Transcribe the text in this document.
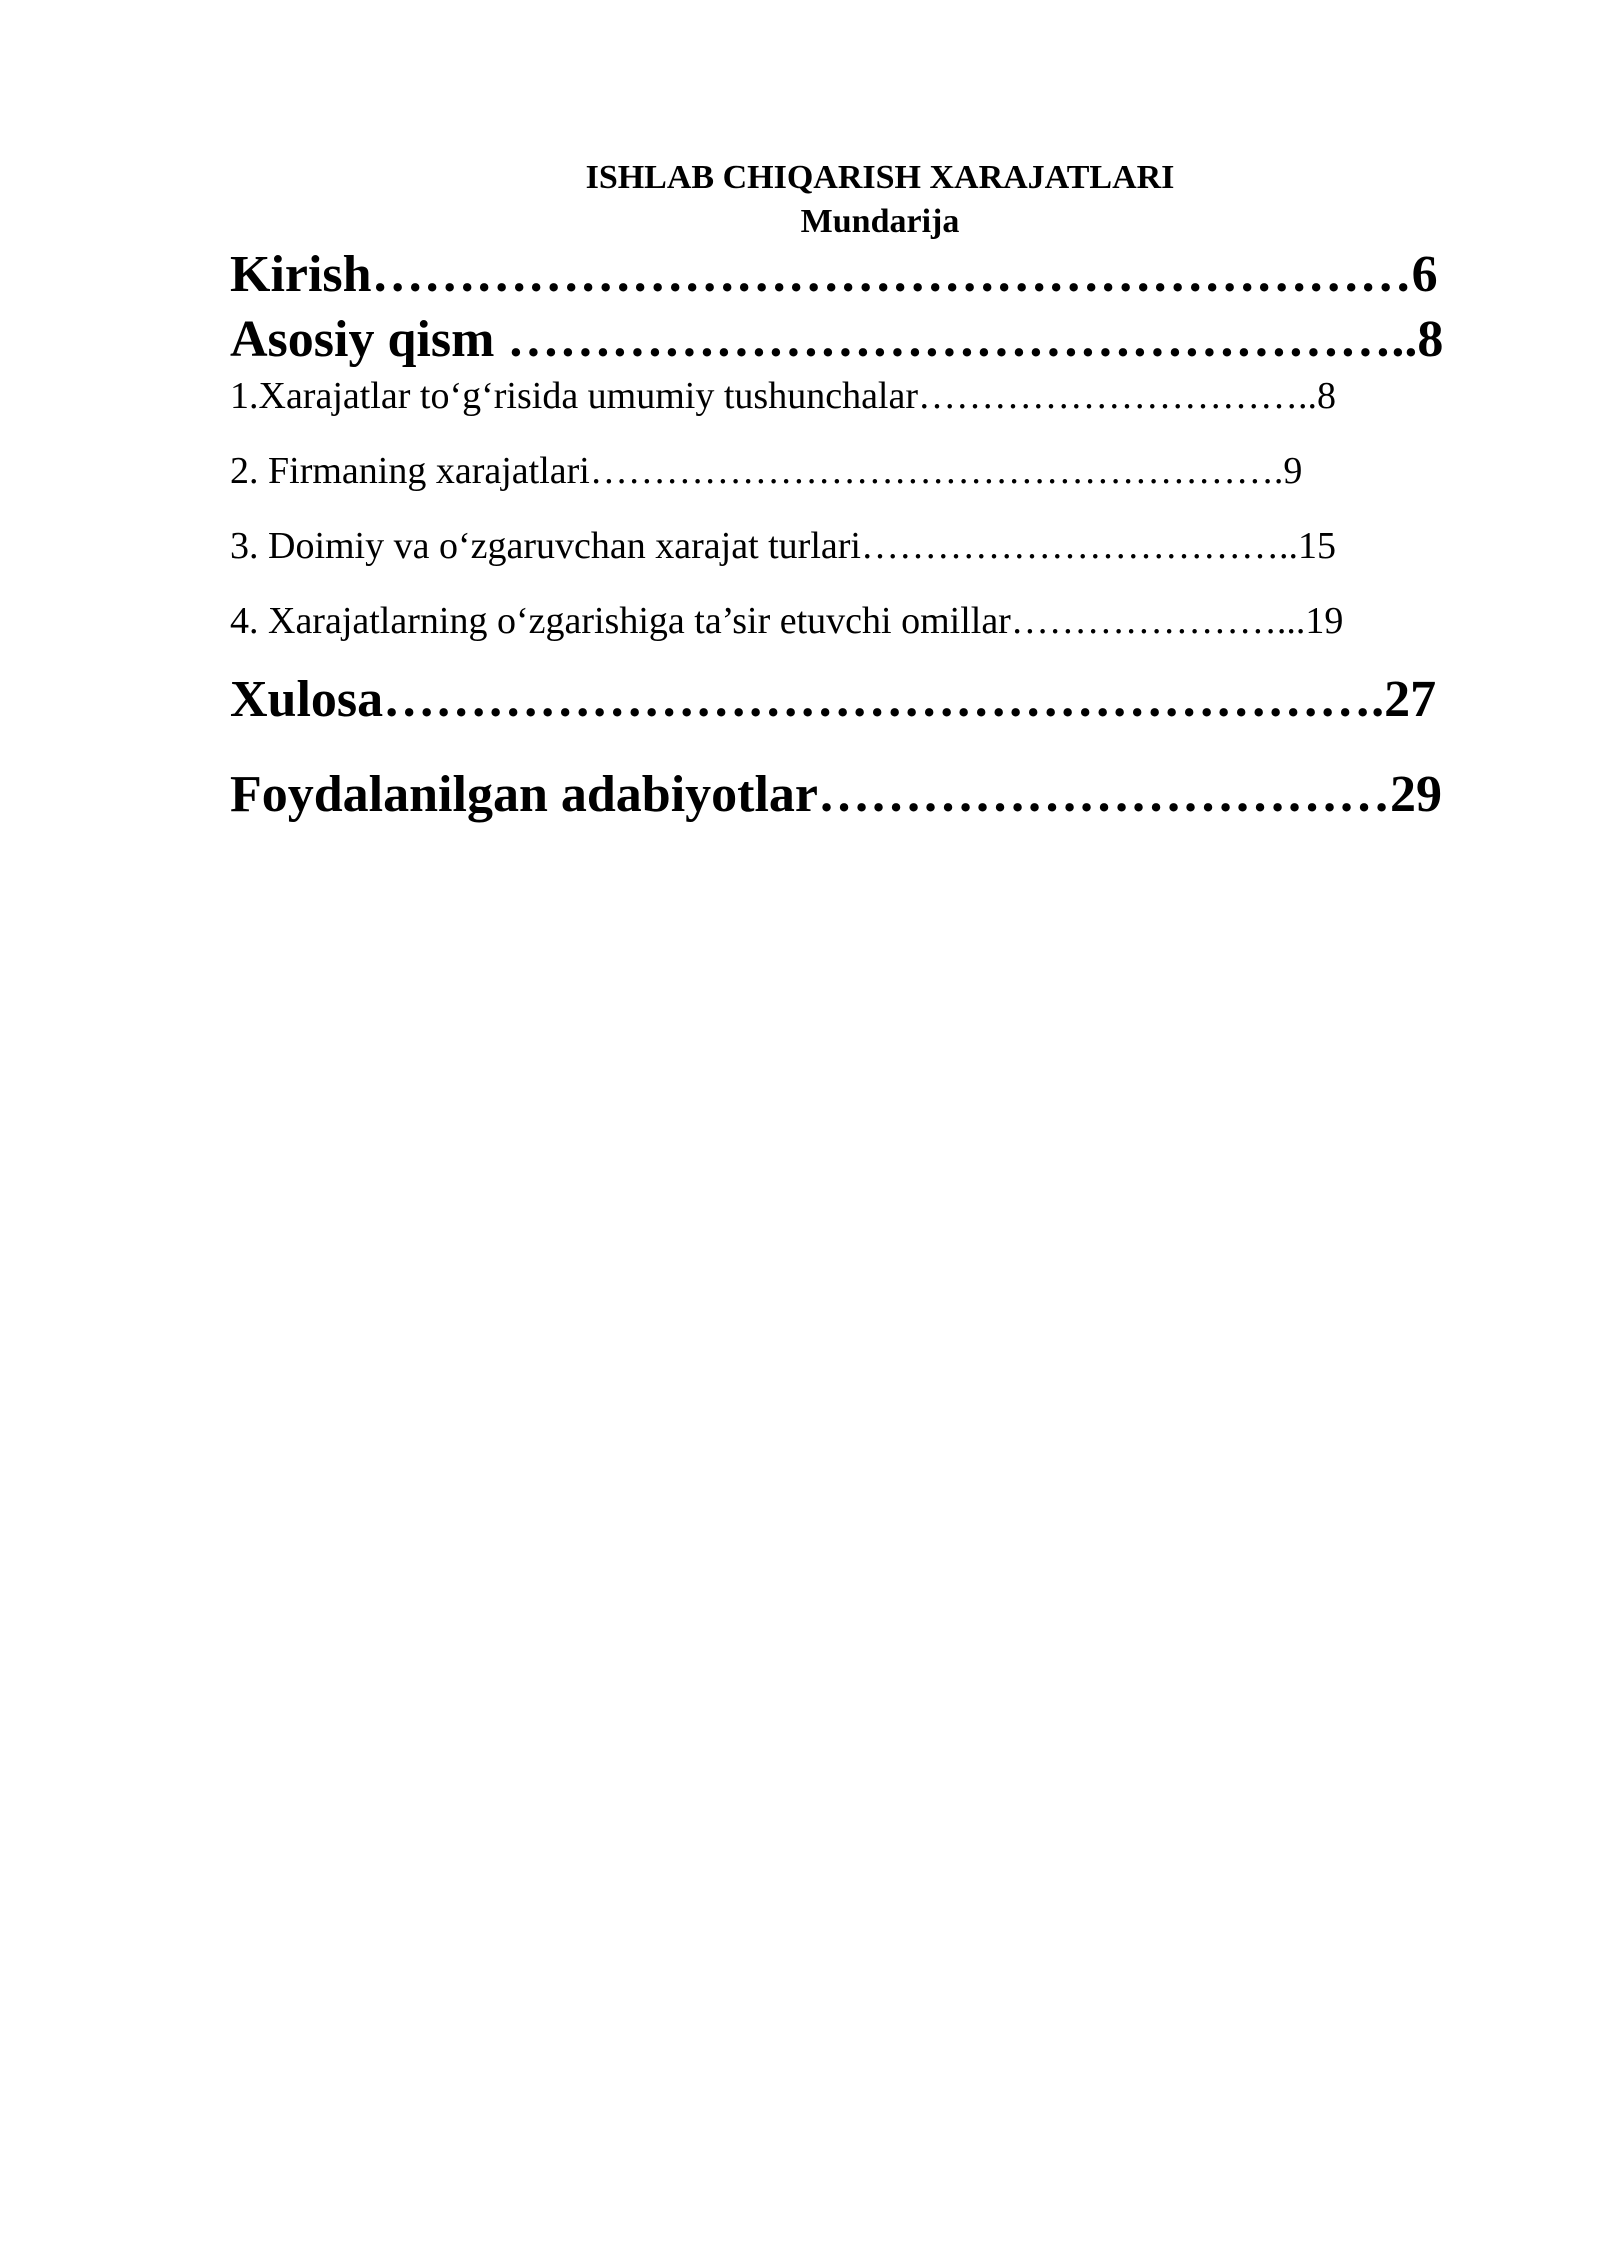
ISHLAB CHIQARISH XARAJATLARI
Mundarija

Kirish……………………………………………………6

Asosiy qism ……………………………………………..8

1.Xarajatlar to‘g‘risida umumiy tushunchalar…………………………..8

2. Firmaning xarajatlari……………………………………………….9

3. Doimiy va o‘zgaruvchan xarajat turlari……………………………..15

4. Xarajatlarning o‘zgarishiga ta’sir etuvchi omillar…………………...19

Xulosa………………………………………………….27

Foydalanilgan adabiyotlar……………………………29
